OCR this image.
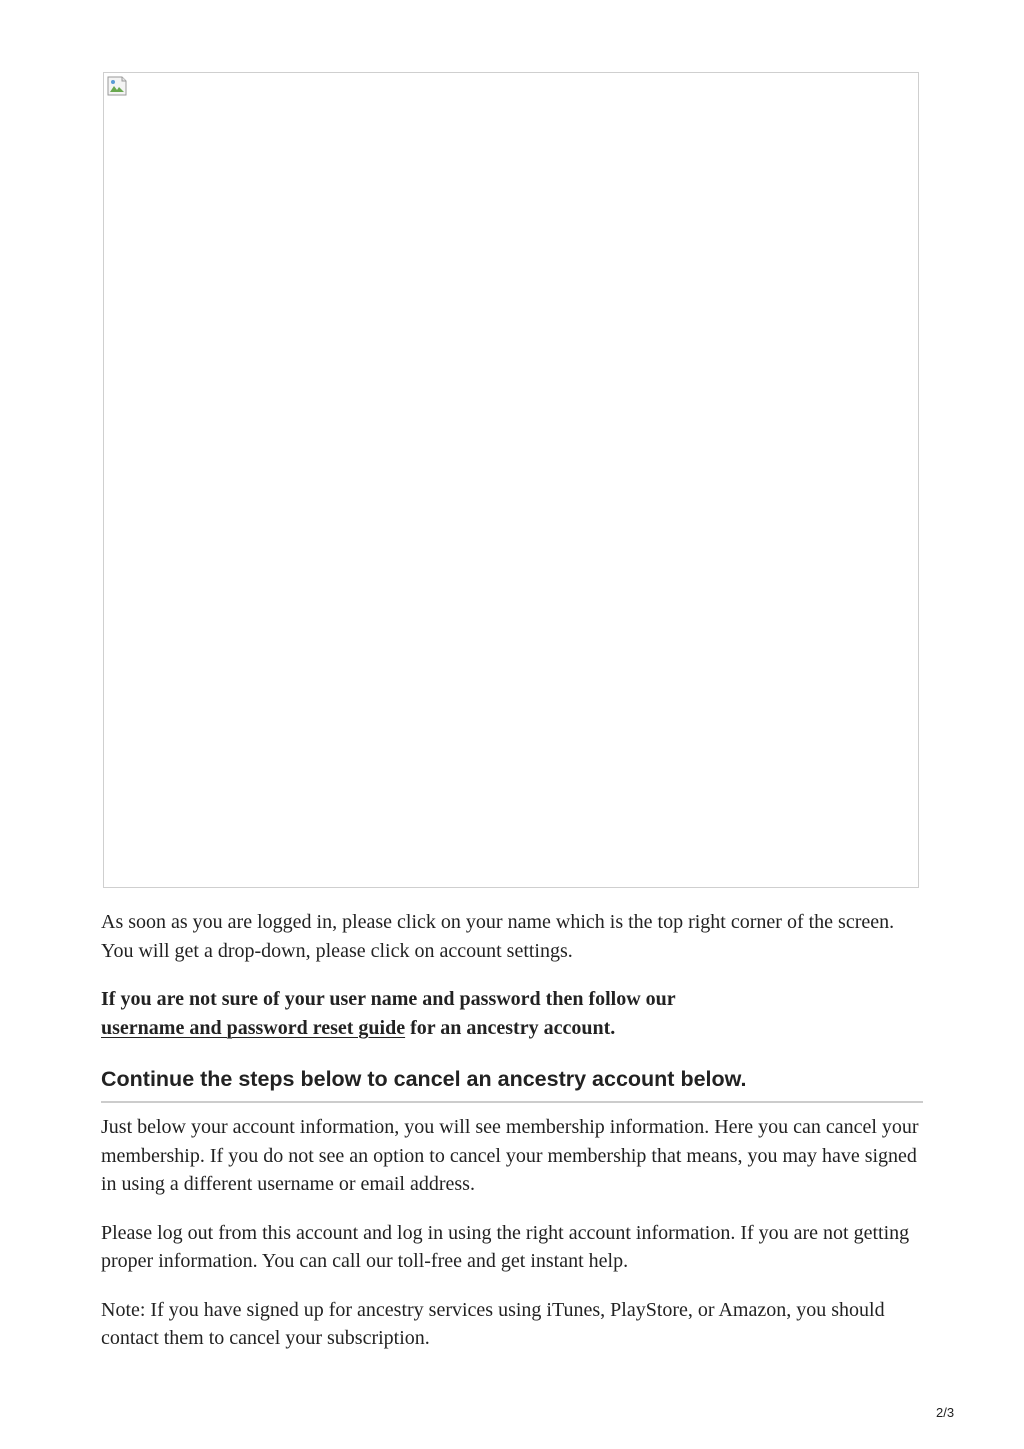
As soon as you are logged in, please click on your name which is the top right corner of the screen. You will get a drop-down, please click on account settings.

If you are not sure of your user name and password then follow our
username and password reset guide for an ancestry account.

Continue the steps below to cancel an ancestry account below.

Just below your account information, you will see membership information. Here you can cancel your membership. If you do not see an option to cancel your membership that means, you may have signed in using a different username or email address.

Please log out from this account and log in using the right account information. If you are not getting proper information. You can call our toll-free and get instant help.

Note: If you have signed up for ancestry services using iTunes, PlayStore, or Amazon, you should contact them to cancel your subscription.

2/3
